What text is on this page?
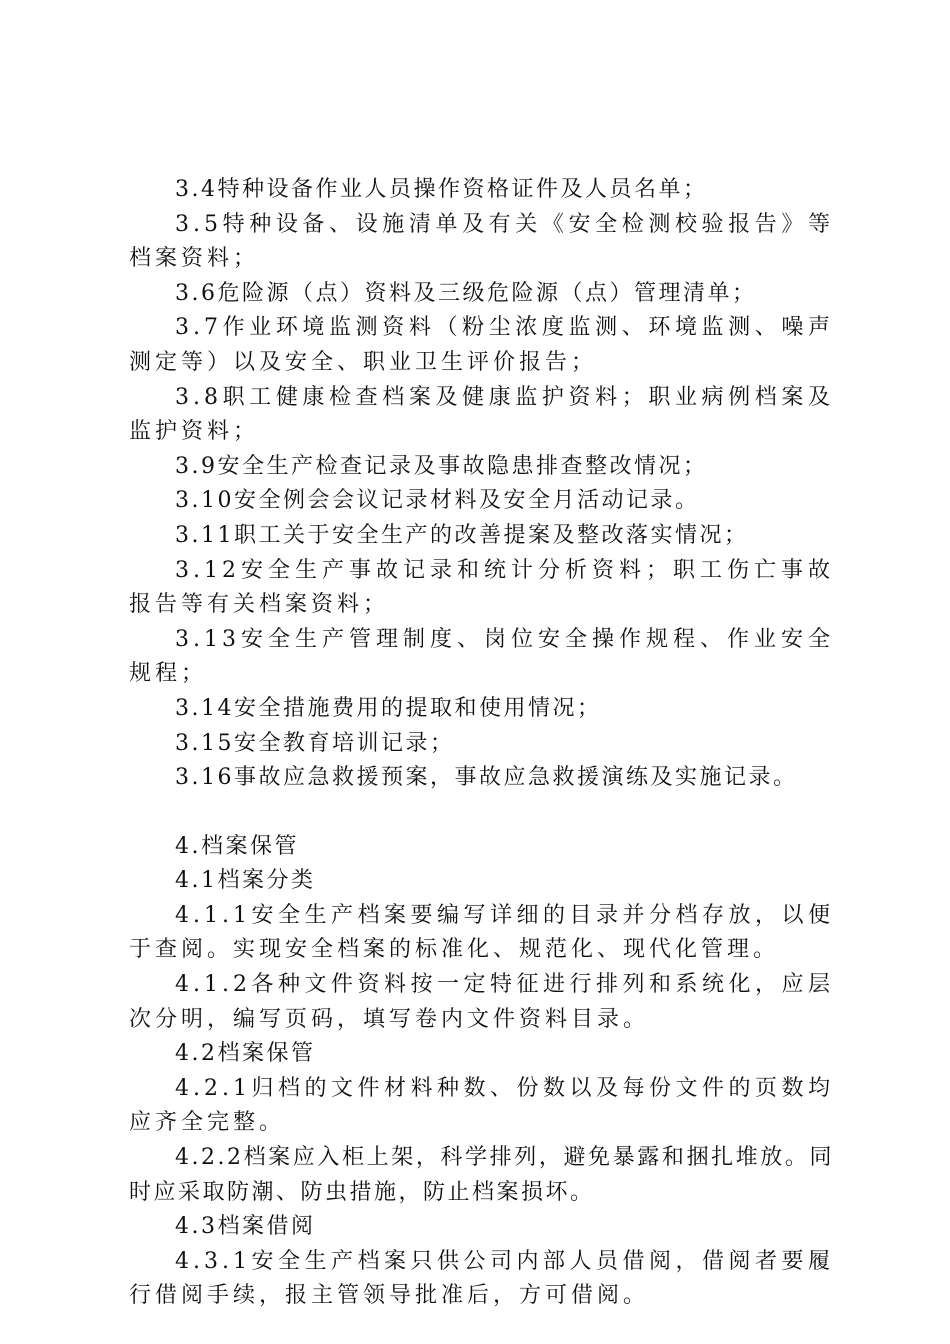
3.4特种设备作业人员操作资格证件及人员名单；

3.5特种设备、设施清单及有关《安全检测校验报告》等档案资料；

3.6危险源（点）资料及三级危险源（点）管理清单；

3.7作业环境监测资料（粉尘浓度监测、环境监测、噪声测定等）以及安全、职业卫生评价报告；

3.8职工健康检查档案及健康监护资料；职业病例档案及监护资料；

3.9安全生产检查记录及事故隐患排查整改情况；

3.10安全例会会议记录材料及安全月活动记录。

3.11职工关于安全生产的改善提案及整改落实情况；

3.12安全生产事故记录和统计分析资料；职工伤亡事故报告等有关档案资料；

3.13安全生产管理制度、岗位安全操作规程、作业安全规程；

3.14安全措施费用的提取和使用情况；

3.15安全教育培训记录；

3.16事故应急救援预案，事故应急救援演练及实施记录。

4.档案保管

4.1档案分类

4.1.1安全生产档案要编写详细的目录并分档存放，以便于查阅。实现安全档案的标准化、规范化、现代化管理。

4.1.2各种文件资料按一定特征进行排列和系统化，应层次分明，编写页码，填写卷内文件资料目录。

4.2档案保管

4.2.1归档的文件材料种数、份数以及每份文件的页数均应齐全完整。

4.2.2档案应入柜上架，科学排列，避免暴露和捆扎堆放。同时应采取防潮、防虫措施，防止档案损坏。

4.3档案借阅

4.3.1安全生产档案只供公司内部人员借阅，借阅者要履行借阅手续，报主管领导批准后，方可借阅。
